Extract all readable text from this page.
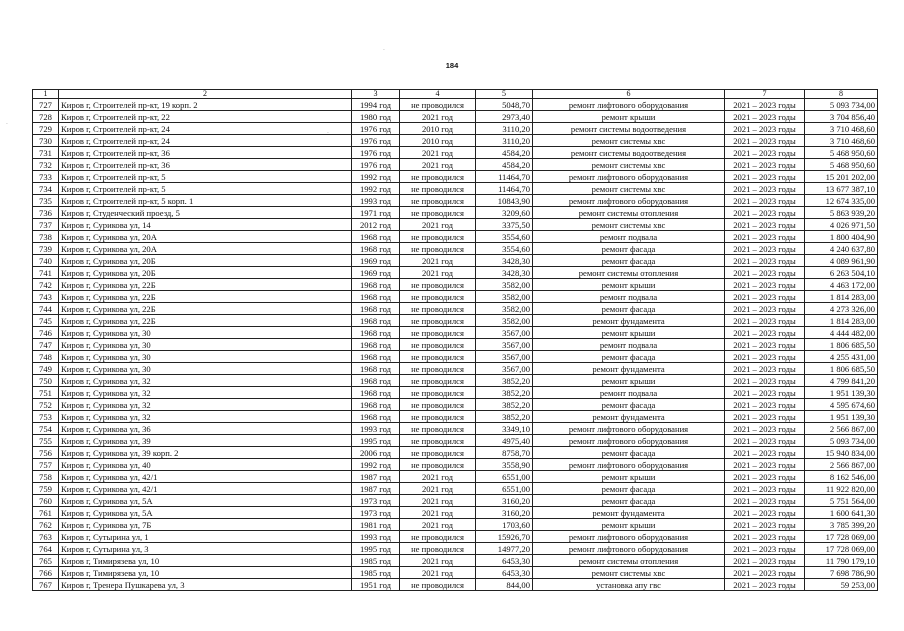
184
·
·
·
1	2	3	4	5	6	7	8
727	Киров г, Строителей пр-кт, 19 корп. 2	1994 год	не проводился	5048,70	ремонт лифтового оборудования	2021 – 2023 годы	5 093 734,00
728	Киров г, Строителей пр-кт, 22	1980 год	2021 год	2973,40	ремонт крыши	2021 – 2023 годы	3 704 856,40
729	Киров г, Строителей пр-кт, 24	1976 год	2010 год	3110,20	ремонт системы водоотведения	2021 – 2023 годы	3 710 468,60
730	Киров г, Строителей пр-кт, 24	1976 год	2010 год	3110,20	ремонт системы хвс	2021 – 2023 годы	3 710 468,60
731	Киров г, Строителей пр-кт, 36	1976 год	2021 год	4584,20	ремонт системы водоотведения	2021 – 2023 годы	5 468 950,60
732	Киров г, Строителей пр-кт, 36	1976 год	2021 год	4584,20	ремонт системы хвс	2021 – 2023 годы	5 468 950,60
733	Киров г, Строителей пр-кт, 5	1992 год	не проводился	11464,70	ремонт лифтового оборудования	2021 – 2023 годы	15 201 202,00
734	Киров г, Строителей пр-кт, 5	1992 год	не проводился	11464,70	ремонт системы хвс	2021 – 2023 годы	13 677 387,10
735	Киров г, Строителей пр-кт, 5 корп. 1	1993 год	не проводился	10843,90	ремонт лифтового оборудования	2021 – 2023 годы	12 674 335,00
736	Киров г, Студенческий проезд, 5	1971 год	не проводился	3209,60	ремонт системы отопления	2021 – 2023 годы	5 863 939,20
737	Киров г, Сурикова ул, 14	2012 год	2021 год	3375,50	ремонт системы хвс	2021 – 2023 годы	4 026 971,50
738	Киров г, Сурикова ул, 20А	1968 год	не проводился	3554,60	ремонт подвала	2021 – 2023 годы	1 800 404,90
739	Киров г, Сурикова ул, 20А	1968 год	не проводился	3554,60	ремонт фасада	2021 – 2023 годы	4 240 637,80
740	Киров г, Сурикова ул, 20Б	1969 год	2021 год	3428,30	ремонт фасада	2021 – 2023 годы	4 089 961,90
741	Киров г, Сурикова ул, 20Б	1969 год	2021 год	3428,30	ремонт системы отопления	2021 – 2023 годы	6 263 504,10
742	Киров г, Сурикова ул, 22Б	1968 год	не проводился	3582,00	ремонт крыши	2021 – 2023 годы	4 463 172,00
743	Киров г, Сурикова ул, 22Б	1968 год	не проводился	3582,00	ремонт подвала	2021 – 2023 годы	1 814 283,00
744	Киров г, Сурикова ул, 22Б	1968 год	не проводился	3582,00	ремонт фасада	2021 – 2023 годы	4 273 326,00
745	Киров г, Сурикова ул, 22Б	1968 год	не проводился	3582,00	ремонт фундамента	2021 – 2023 годы	1 814 283,00
746	Киров г, Сурикова ул, 30	1968 год	не проводился	3567,00	ремонт крыши	2021 – 2023 годы	4 444 482,00
747	Киров г, Сурикова ул, 30	1968 год	не проводился	3567,00	ремонт подвала	2021 – 2023 годы	1 806 685,50
748	Киров г, Сурикова ул, 30	1968 год	не проводился	3567,00	ремонт фасада	2021 – 2023 годы	4 255 431,00
749	Киров г, Сурикова ул, 30	1968 год	не проводился	3567,00	ремонт фундамента	2021 – 2023 годы	1 806 685,50
750	Киров г, Сурикова ул, 32	1968 год	не проводился	3852,20	ремонт крыши	2021 – 2023 годы	4 799 841,20
751	Киров г, Сурикова ул, 32	1968 год	не проводился	3852,20	ремонт подвала	2021 – 2023 годы	1 951 139,30
752	Киров г, Сурикова ул, 32	1968 год	не проводился	3852,20	ремонт фасада	2021 – 2023 годы	4 595 674,60
753	Киров г, Сурикова ул, 32	1968 год	не проводился	3852,20	ремонт фундамента	2021 – 2023 годы	1 951 139,30
754	Киров г, Сурикова ул, 36	1993 год	не проводился	3349,10	ремонт лифтового оборудования	2021 – 2023 годы	2 566 867,00
755	Киров г, Сурикова ул, 39	1995 год	не проводился	4975,40	ремонт лифтового оборудования	2021 – 2023 годы	5 093 734,00
756	Киров г, Сурикова ул, 39 корп. 2	2006 год	не проводился	8758,70	ремонт фасада	2021 – 2023 годы	15 940 834,00
757	Киров г, Сурикова ул, 40	1992 год	не проводился	3558,90	ремонт лифтового оборудования	2021 – 2023 годы	2 566 867,00
758	Киров г, Сурикова ул, 42/1	1987 год	2021 год	6551,00	ремонт крыши	2021 – 2023 годы	8 162 546,00
759	Киров г, Сурикова ул, 42/1	1987 год	2021 год	6551,00	ремонт фасада	2021 – 2023 годы	11 922 820,00
760	Киров г, Сурикова ул, 5А	1973 год	2021 год	3160,20	ремонт фасада	2021 – 2023 годы	5 751 564,00
761	Киров г, Сурикова ул, 5А	1973 год	2021 год	3160,20	ремонт фундамента	2021 – 2023 годы	1 600 641,30
762	Киров г, Сурикова ул, 7Б	1981 год	2021 год	1703,60	ремонт крыши	2021 – 2023 годы	3 785 399,20
763	Киров г, Сутырина ул, 1	1993 год	не проводился	15926,70	ремонт лифтового оборудования	2021 – 2023 годы	17 728 069,00
764	Киров г, Сутырина ул, 3	1995 год	не проводился	14977,20	ремонт лифтового оборудования	2021 – 2023 годы	17 728 069,00
765	Киров г, Тимирязева ул, 10	1985 год	2021 год	6453,30	ремонт системы отопления	2021 – 2023 годы	11 790 179,10
766	Киров г, Тимирязева ул, 10	1985 год	2021 год	6453,30	ремонт системы хвс	2021 – 2023 годы	7 698 786,90
767	Киров г, Тренера Пушкарева ул, 3	1951 год	не проводился	844,00	установка апу гвс	2021 – 2023 годы	59 253,00
